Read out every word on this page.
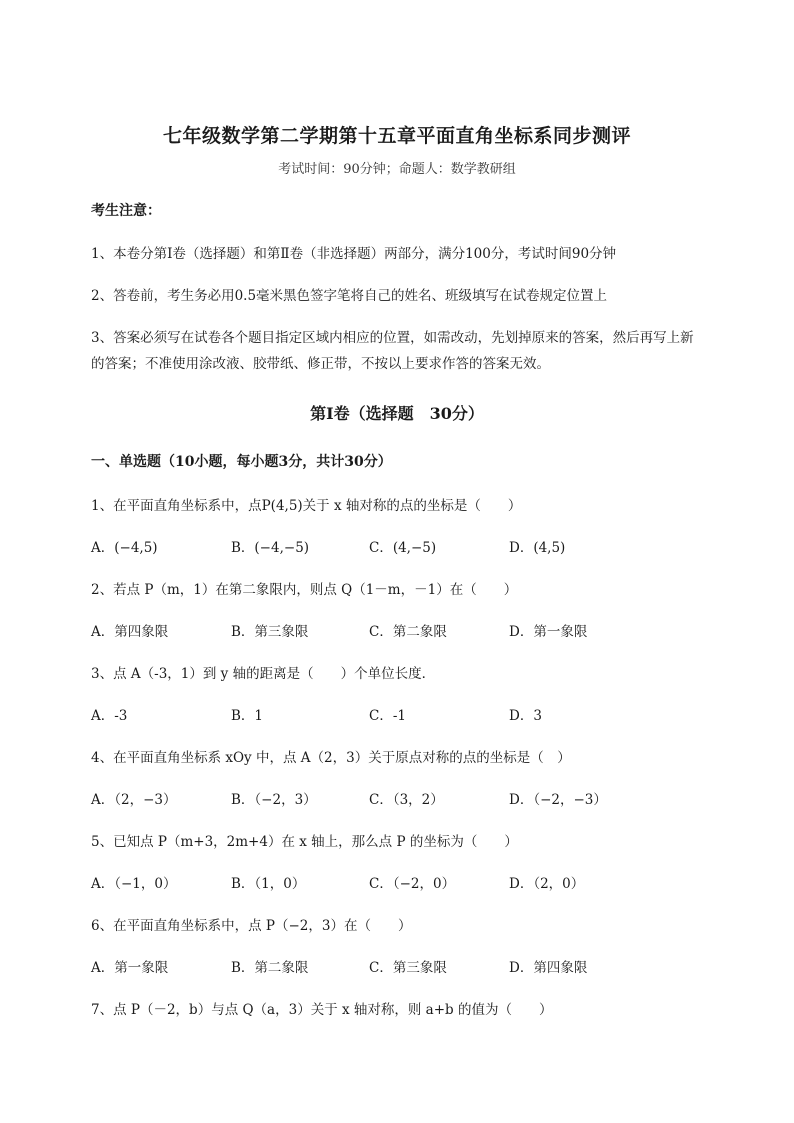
七年级数学第二学期第十五章平面直角坐标系同步测评
考试时间：90分钟；命题人：数学教研组
考生注意：
1、本卷分第I卷（选择题）和第Ⅱ卷（非选择题）两部分，满分100分，考试时间90分钟
2、答卷前，考生务必用0.5毫米黑色签字笔将自己的姓名、班级填写在试卷规定位置上
3、答案必须写在试卷各个题目指定区域内相应的位置，如需改动，先划掉原来的答案，然后再写上新
的答案；不准使用涂改液、胶带纸、修正带，不按以上要求作答的答案无效。
第I卷（选择题　30分）
一、单选题（10小题，每小题3分，共计30分）
1、在平面直角坐标系中，点P(4,5)关于 x 轴对称的点的坐标是（　　）
A．(−4,5)	B．(−4,−5)	C．(4,−5)	D．(4,5)
2、若点 P（m，1）在第二象限内，则点 Q（1－m，－1）在（　　）
A．第四象限	B．第三象限	C．第二象限	D．第一象限
3、点 A（-3，1）到 y 轴的距离是（　　）个单位长度．
A．-3	B．1	C．-1	D．3
4、在平面直角坐标系 xOy 中，点 A（2，3）关于原点对称的点的坐标是（　）
A．（2，−3）	B．（−2，3）	C．（3，2）	D．（−2，−3）
5、已知点 P（m+3，2m+4）在 x 轴上，那么点 P 的坐标为（　　）
A．（−1，0）	B．（1，0）	C．（−2，0）	D．（2，0）
6、在平面直角坐标系中，点 P（−2，3）在（　　）
A．第一象限	B．第二象限	C．第三象限	D．第四象限
7、点 P（－2，b）与点 Q（a，3）关于 x 轴对称，则 a+b 的值为（　　）
